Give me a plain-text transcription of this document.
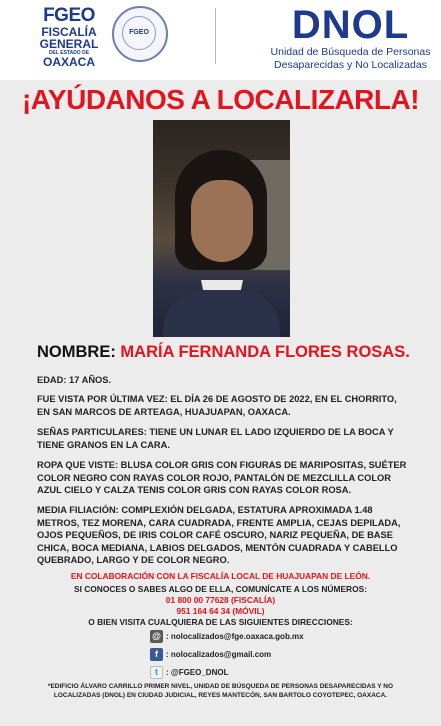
FGEO
FISCALÍA
GENERAL
DEL ESTADO DE
OAXACA
FGEO	DNOL
Unidad de Búsqueda de Personas
Desaparecidas y No Localizadas
¡AYÚDANOS A LOCALIZARLA!
NOMBRE: MARÍA FERNANDA FLORES ROSAS.
EDAD: 17 AÑOS.
FUE VISTA POR ÚLTIMA VEZ: EL DÍA 26 DE AGOSTO DE 2022, EN EL CHORRITO, EN SAN MARCOS DE ARTEAGA, HUAJUAPAN, OAXACA.
SEÑAS PARTICULARES: TIENE UN LUNAR EL LADO IZQUIERDO DE LA BOCA Y TIENE GRANOS EN LA CARA.
ROPA QUE VISTE: BLUSA COLOR GRIS CON FIGURAS DE MARIPOSITAS, SUÉTER COLOR NEGRO CON RAYAS COLOR ROJO, PANTALÓN DE MEZCLILLA COLOR AZUL CIELO Y CALZA TENIS COLOR GRIS CON RAYAS COLOR ROSA.
MEDIA FILIACIÓN: COMPLEXIÓN DELGADA, ESTATURA APROXIMADA 1.48 METROS, TEZ MORENA, CARA CUADRADA, FRENTE AMPLIA, CEJAS DEPILADA, OJOS PEQUEÑOS, DE IRIS COLOR CAFÉ OSCURO, NARIZ PEQUEÑA, DE BASE CHICA, BOCA MEDIANA, LABIOS DELGADOS, MENTÓN CUADRADA Y CABELLO QUEBRADO, LARGO Y DE COLOR NEGRO.
EN COLABORACIÓN CON LA FISCALÍA LOCAL DE HUAJUAPAN DE LEÓN.
SI CONOCES O SABES ALGO DE ELLA, COMUNÍCATE A LOS NÚMEROS:
01 800 00 77628 (FISCALÍA)
951 164 64 34 (MÓVIL)
O BIEN VISITA CUALQUIERA DE LAS SIGUIENTES DIRECCIONES:
@ : nolocalizados@fge.oaxaca.gob.mx
f : nolocalizados@gmail.com
t : @FGEO_DNOL
*EDIFICIO ÁLVARO CARRILLO PRIMER NIVEL, UNIDAD DE BÚSQUEDA DE PERSONAS DESAPARECIDAS Y NO LOCALIZADAS (DNOL) EN CIUDAD JUDICIAL, REYES MANTECÓN, SAN BARTOLO COYOTEPEC, OAXACA.
